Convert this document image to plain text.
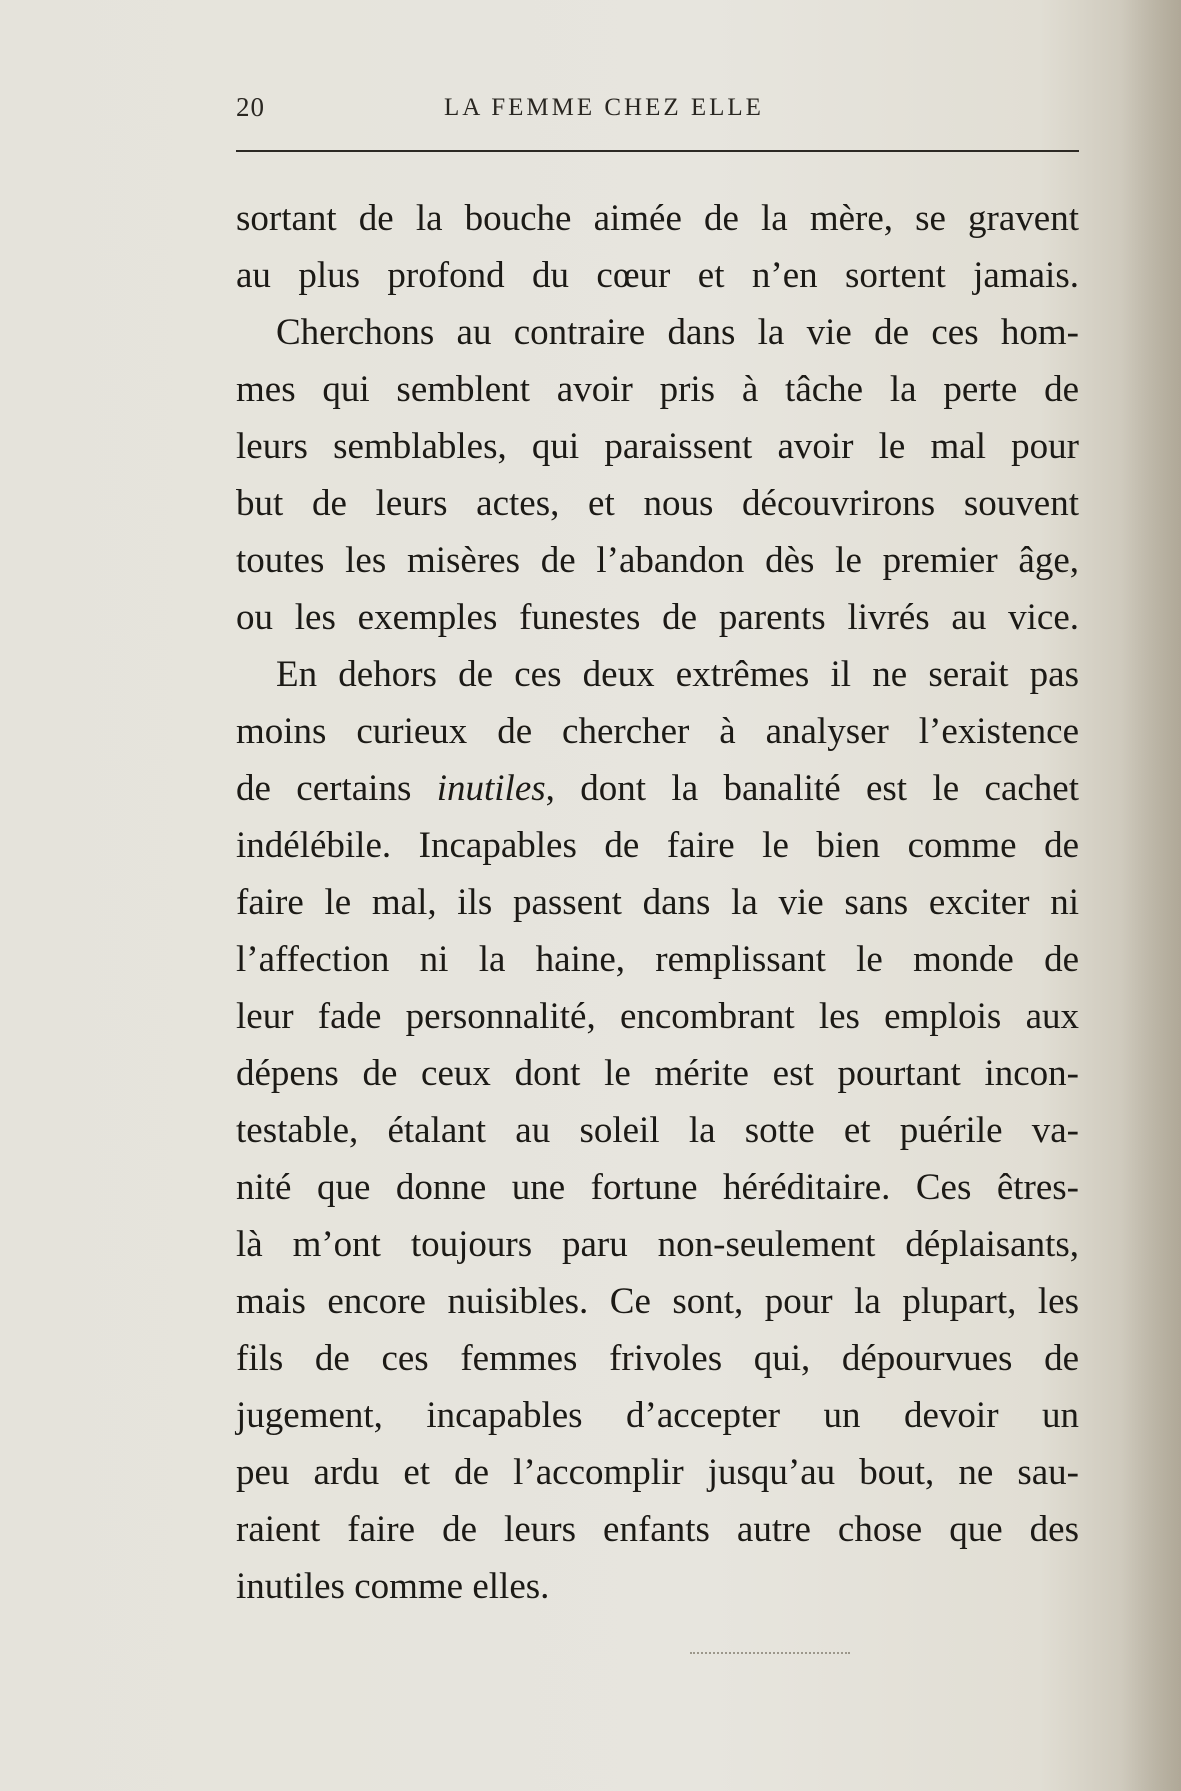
20	LA FEMME CHEZ ELLE
sortant de la bouche aimée de la mère, se gravent
au plus profond du cœur et n’en sortent jamais.
Cherchons au contraire dans la vie de ces hom-
mes qui semblent avoir pris à tâche la perte de
leurs semblables, qui paraissent avoir le mal pour
but de leurs actes, et nous découvrirons souvent
toutes les misères de l’abandon dès le premier âge,
ou les exemples funestes de parents livrés au vice.
En dehors de ces deux extrêmes il ne serait pas
moins curieux de chercher à analyser l’existence
de certains inutiles, dont la banalité est le cachet
indélébile. Incapables de faire le bien comme de
faire le mal, ils passent dans la vie sans exciter ni
l’affection ni la haine, remplissant le monde de
leur fade personnalité, encombrant les emplois aux
dépens de ceux dont le mérite est pourtant incon-
testable, étalant au soleil la sotte et puérile va-
nité que donne une fortune héréditaire. Ces êtres-
là m’ont toujours paru non-seulement déplaisants,
mais encore nuisibles. Ce sont, pour la plupart, les
fils de ces femmes frivoles qui, dépourvues de
jugement, incapables d’accepter un devoir un
peu ardu et de l’accomplir jusqu’au bout, ne sau-
raient faire de leurs enfants autre chose que des
inutiles comme elles.
